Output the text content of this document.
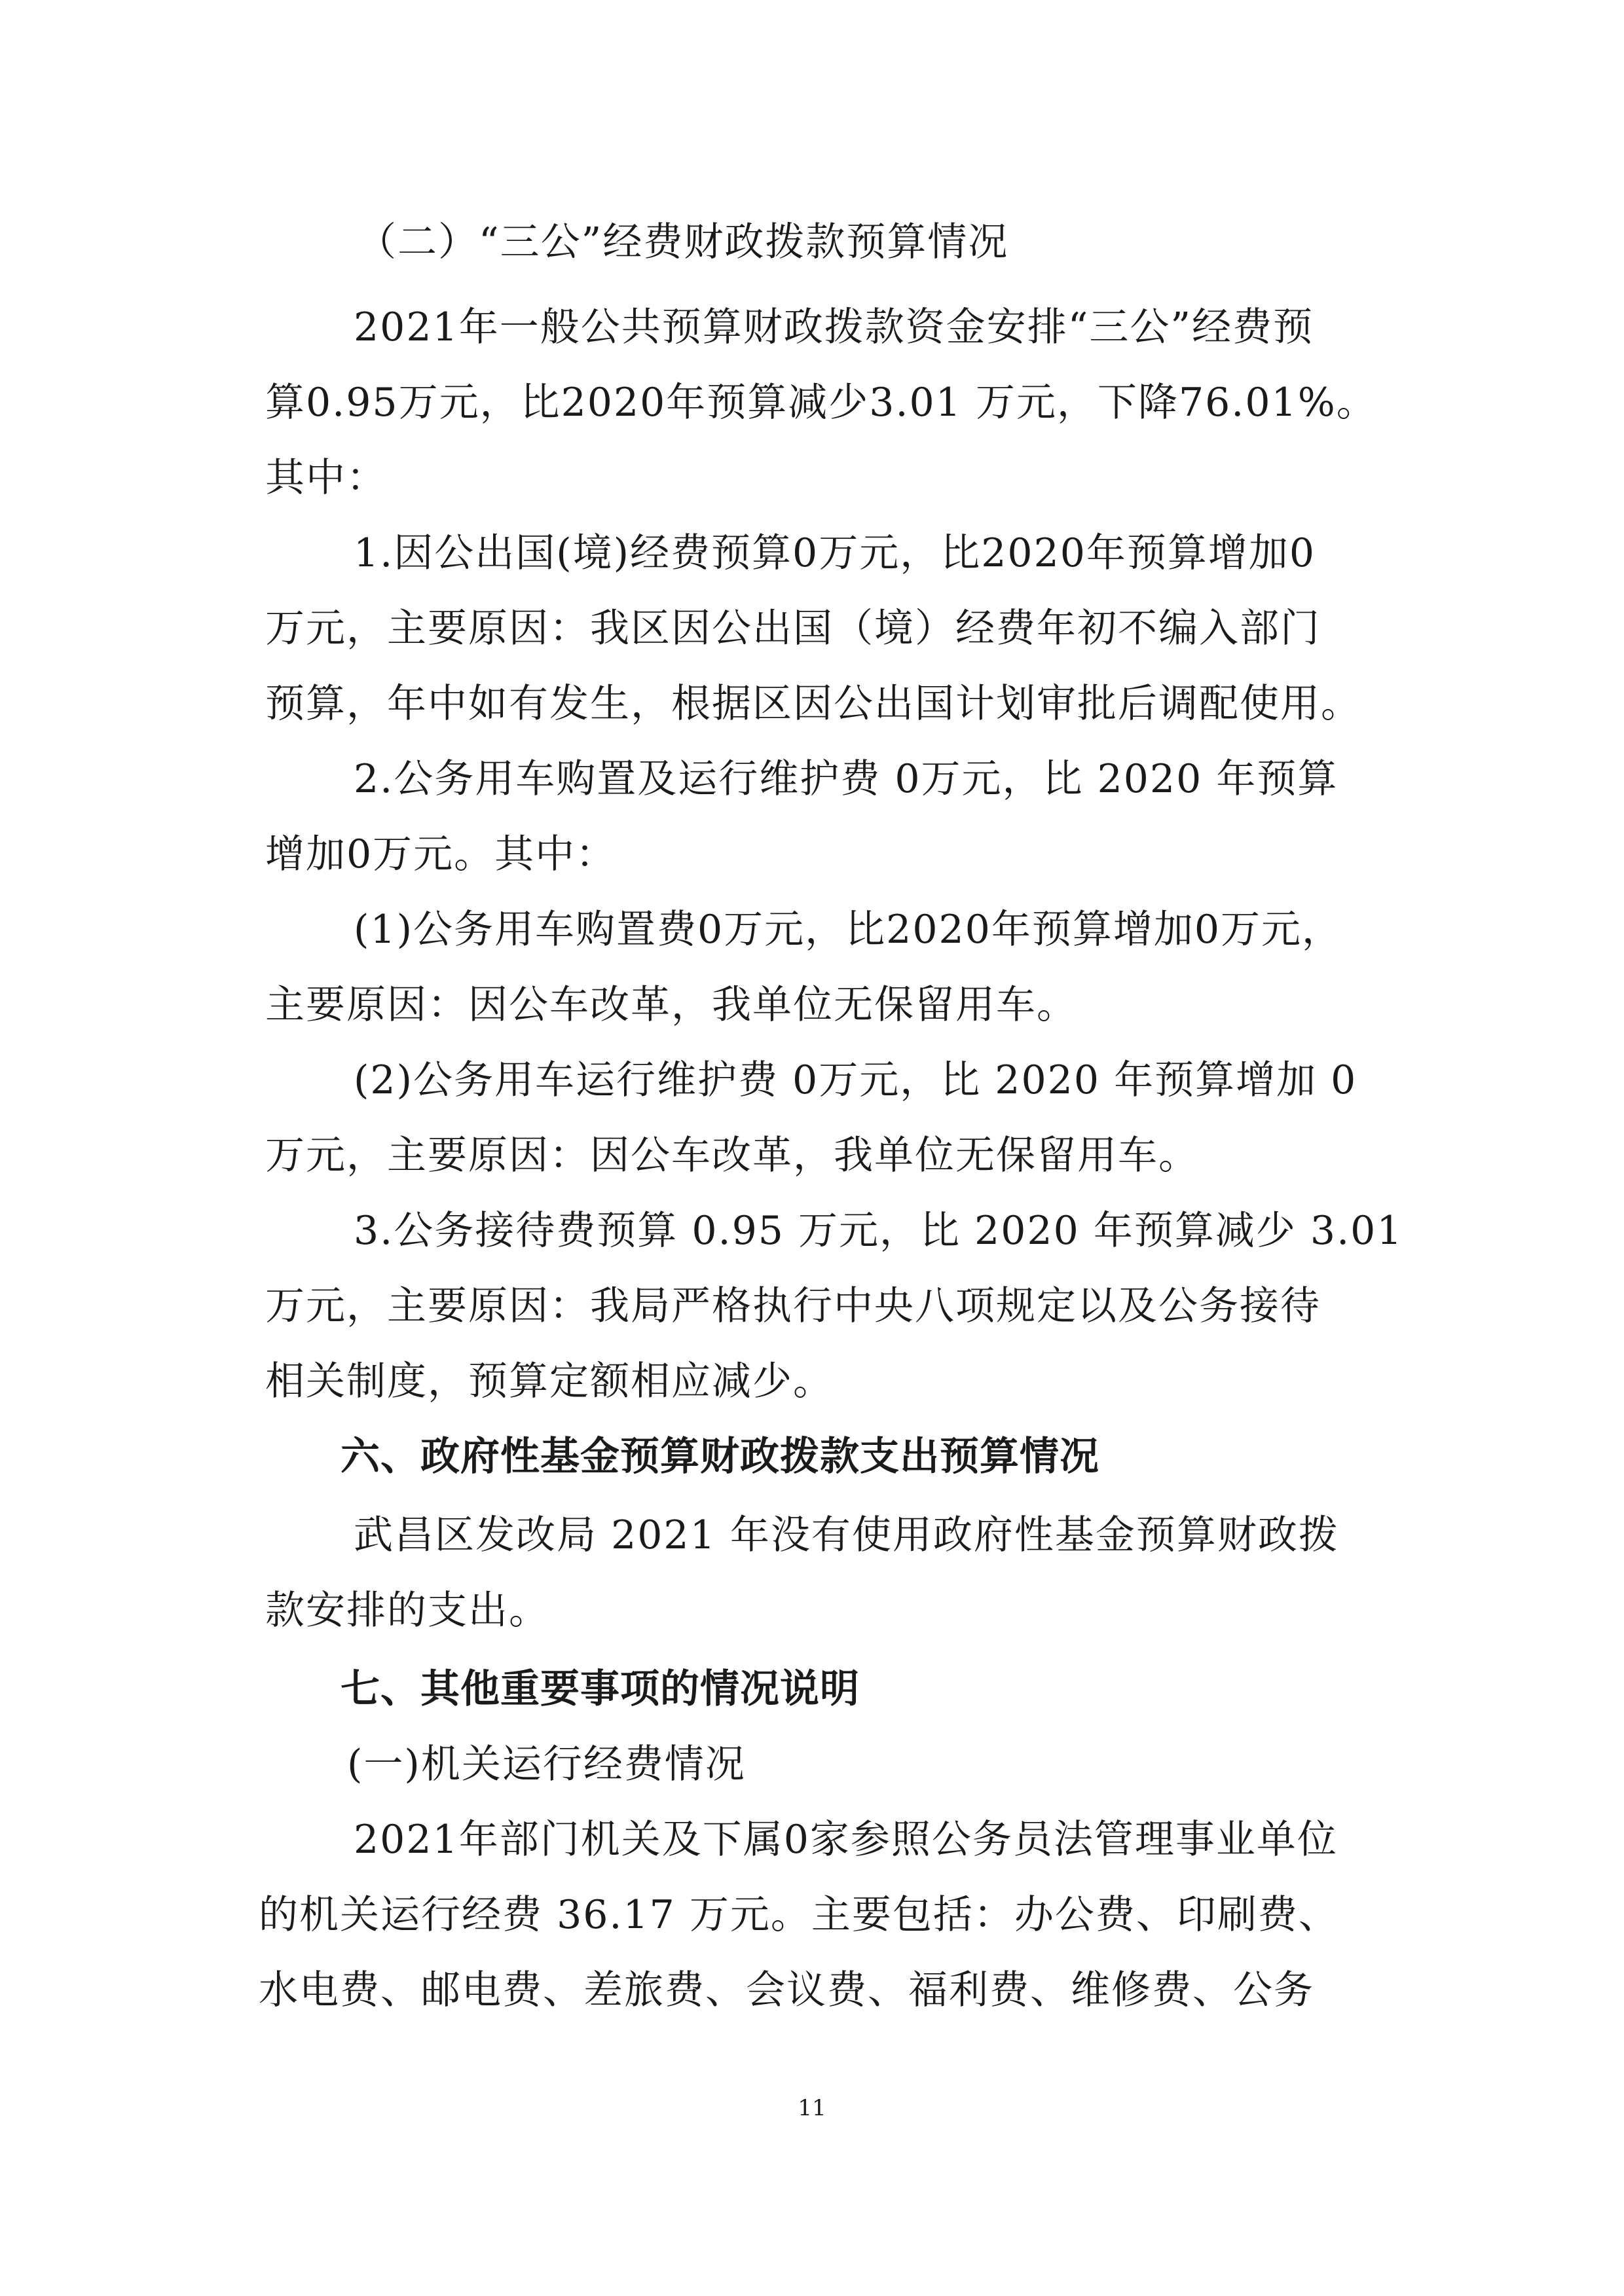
（二）“三公”经费财政拨款预算情况
2021年一般公共预算财政拨款资金安排“三公”经费预
算0.95万元，比2020年预算减少3.01 万元，下降76.01%。
其中：
1.因公出国(境)经费预算0万元，比2020年预算增加0
万元，主要原因：我区因公出国（境）经费年初不编入部门
预算，年中如有发生，根据区因公出国计划审批后调配使用。
2.公务用车购置及运行维护费 0万元，比 2020 年预算
增加0万元。其中：
(1)公务用车购置费0万元，比2020年预算增加0万元，
主要原因：因公车改革，我单位无保留用车。
(2)公务用车运行维护费 0万元，比 2020 年预算增加 0
万元，主要原因：因公车改革，我单位无保留用车。
3.公务接待费预算 0.95 万元，比 2020 年预算减少 3.01
万元，主要原因：我局严格执行中央八项规定以及公务接待
相关制度，预算定额相应减少。
六、政府性基金预算财政拨款支出预算情况
武昌区发改局 2021 年没有使用政府性基金预算财政拨
款安排的支出。
七、其他重要事项的情况说明
(一)机关运行经费情况
2021年部门机关及下属0家参照公务员法管理事业单位
的机关运行经费 36.17 万元。主要包括：办公费、印刷费、
水电费、邮电费、差旅费、会议费、福利费、维修费、公务
11
